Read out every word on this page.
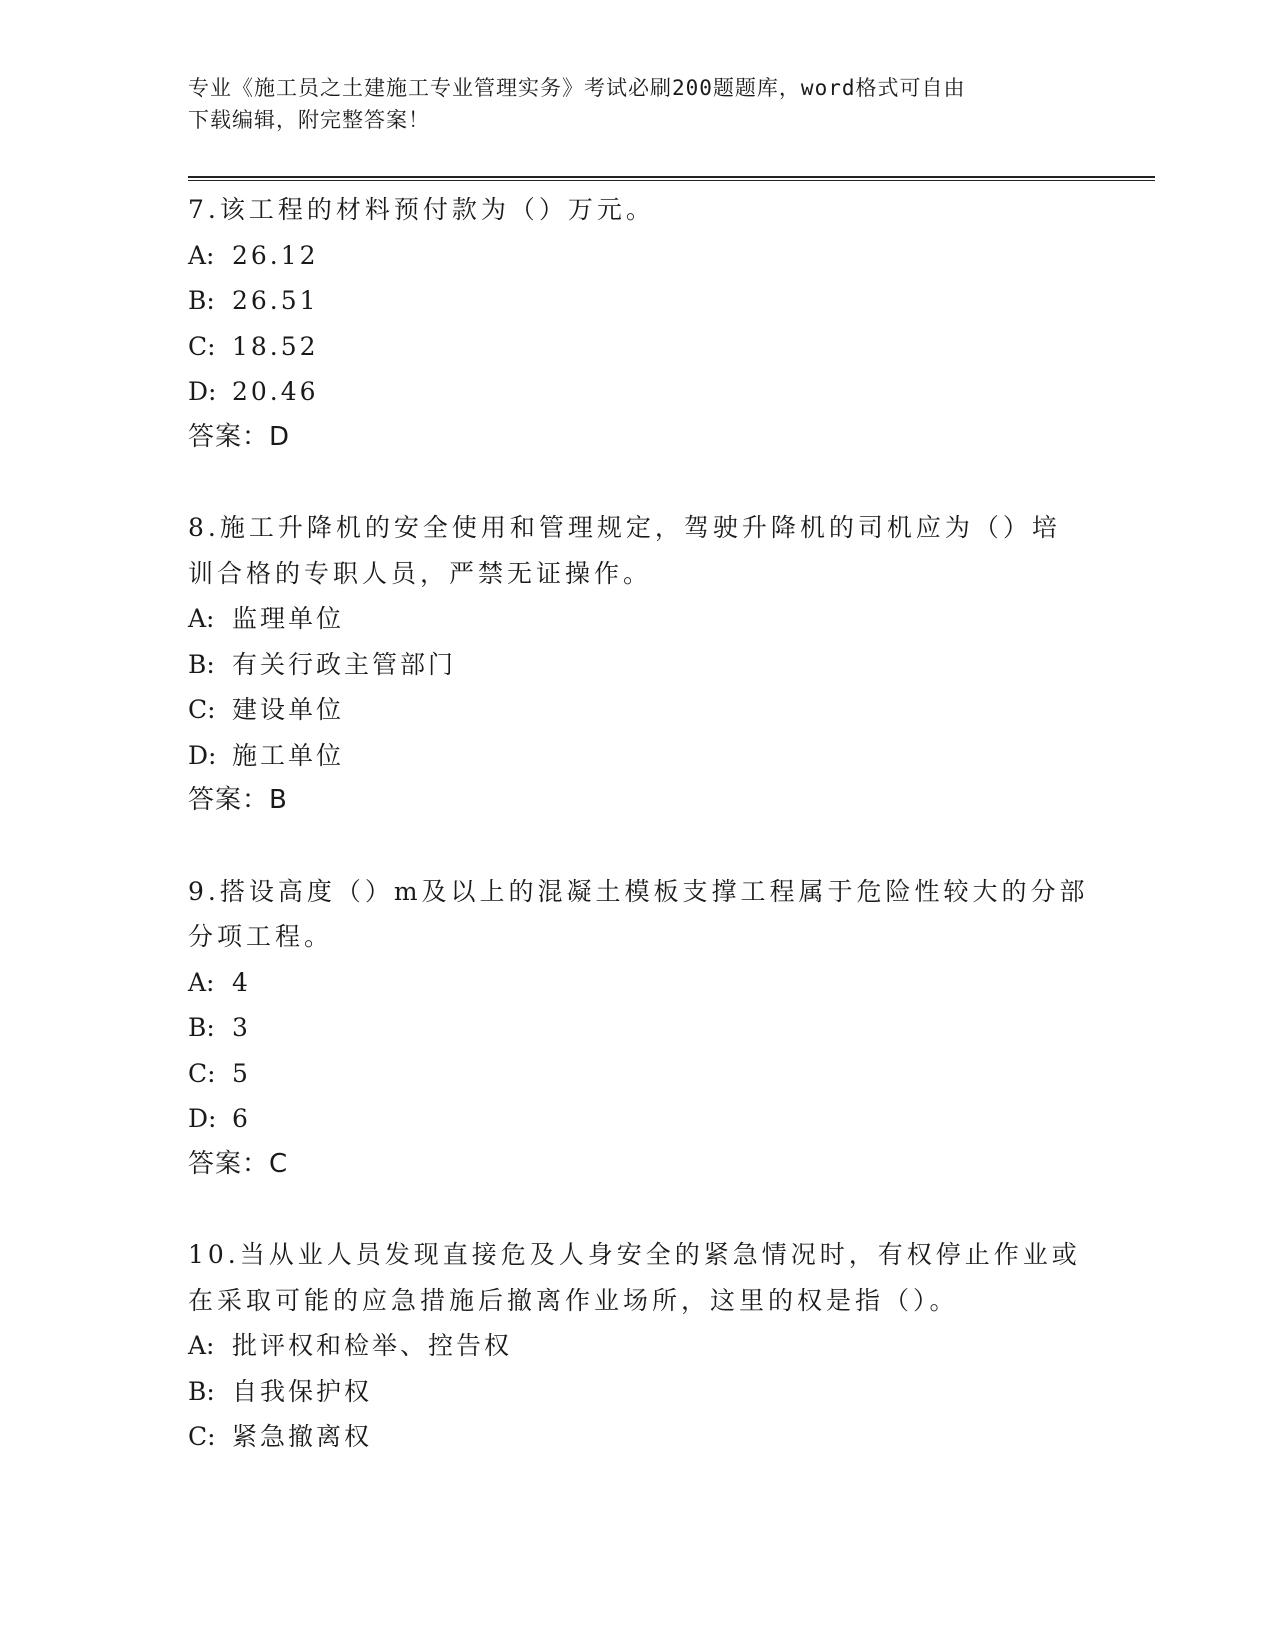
专业《施工员之土建施工专业管理实务》考试必刷200题题库，word格式可自由
下载编辑，附完整答案！
7.该工程的材料预付款为（）万元。
A: 26.12
B: 26.51
C: 18.52
D: 20.46
答案：D
8.施工升降机的安全使用和管理规定，驾驶升降机的司机应为（）培
训合格的专职人员，严禁无证操作。
A: 监理单位
B: 有关行政主管部门
C: 建设单位
D: 施工单位
答案：B
9.搭设高度（）m及以上的混凝土模板支撑工程属于危险性较大的分部
分项工程。
A: 4
B: 3
C: 5
D: 6
答案：C
10.当从业人员发现直接危及人身安全的紧急情况时，有权停止作业或
在采取可能的应急措施后撤离作业场所，这里的权是指（）。
A: 批评权和检举、控告权
B: 自我保护权
C: 紧急撤离权
